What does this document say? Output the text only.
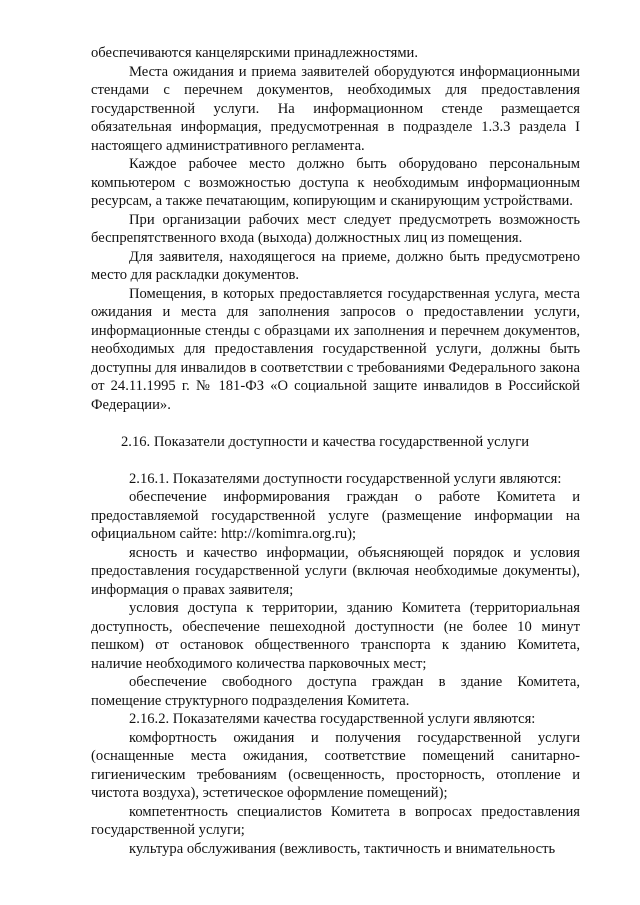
обеспечиваются канцелярскими принадлежностями.

Места ожидания и приема заявителей оборудуются информационными стендами с перечнем документов, необходимых для предоставления государственной услуги. На информационном стенде размещается обязательная информация, предусмотренная в подразделе 1.3.3 раздела I настоящего административного регламента.

Каждое рабочее место должно быть оборудовано персональным компьютером с возможностью доступа к необходимым информационным ресурсам, а также печатающим, копирующим и сканирующим устройствами.

При организации рабочих мест следует предусмотреть возможность беспрепятственного входа (выхода) должностных лиц из помещения.

Для заявителя, находящегося на приеме, должно быть предусмотрено место для раскладки документов.

Помещения, в которых предоставляется государственная услуга, места ожидания и места для заполнения запросов о предоставлении услуги, информационные стенды с образцами их заполнения и перечнем документов, необходимых для предоставления государственной услуги, должны быть доступны для инвалидов в соответствии с требованиями Федерального закона от 24.11.1995 г. № 181-ФЗ «О социальной защите инвалидов в Российской Федерации».

2.16. Показатели доступности и качества государственной услуги

2.16.1. Показателями доступности государственной услуги являются:

обеспечение информирования граждан о работе Комитета и предоставляемой государственной услуге (размещение информации на официальном сайте: http://komimra.org.ru);

ясность и качество информации, объясняющей порядок и условия предоставления государственной услуги (включая необходимые документы), информация о правах заявителя;

условия доступа к территории, зданию Комитета (территориальная доступность, обеспечение пешеходной доступности (не более 10 минут пешком) от остановок общественного транспорта к зданию Комитета, наличие необходимого количества парковочных мест;

обеспечение свободного доступа граждан в здание Комитета, помещение структурного подразделения Комитета.

2.16.2. Показателями качества государственной услуги являются:

комфортность ожидания и получения государственной услуги (оснащенные места ожидания, соответствие помещений санитарно-гигиеническим требованиям (освещенность, просторность, отопление и чистота воздуха), эстетическое оформление помещений);

компетентность специалистов Комитета в вопросах предоставления государственной услуги;

культура обслуживания (вежливость, тактичность и внимательность
